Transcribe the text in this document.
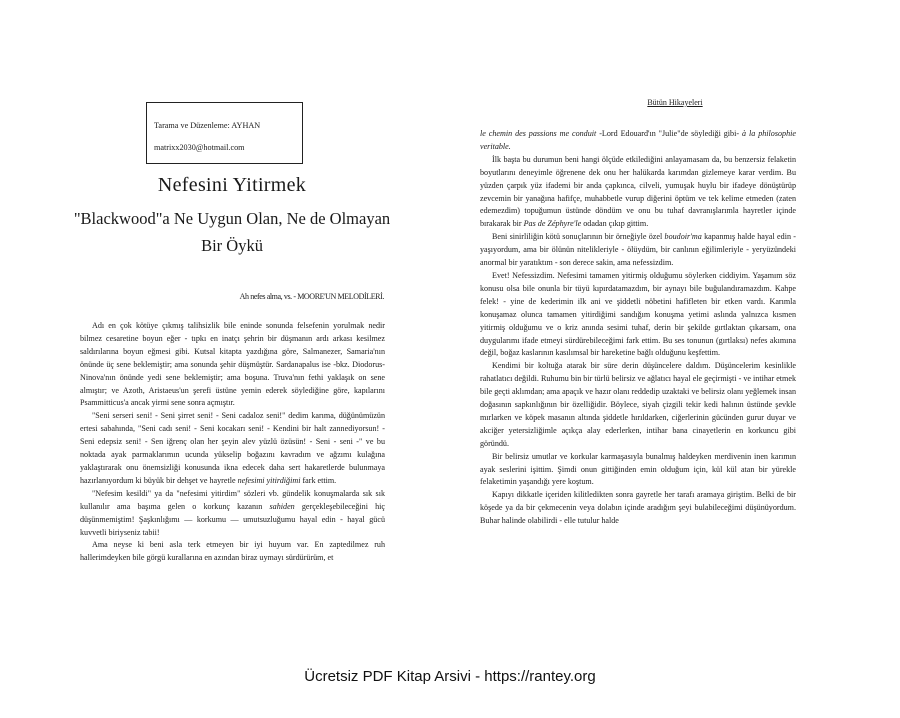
Tarama ve Düzenleme: AYHAN
matrixx2030@hotmail.com
Nefesini Yitirmek
"Blackwood"a Ne Uygun Olan, Ne de Olmayan Bir Öykü
Ah nefes alma, vs. - MOORE'UN MELODİLERİ.

Adı en çok kötüye çıkmış talihsizlik bile eninde sonunda felsefenin yorulmak nedir bilmez cesaretine boyun eğer - tıpkı en inatçı şehrin bir düşmanın ardı arkası kesilmez saldırılarına boyun eğmesi gibi. Kutsal kitapta yazdığına göre, Salmanezer, Samaria'nın önünde üç sene beklemiştir; ama sonunda şehir düşmüştür. Sardanapalus ise -bkz. Diodorus- Ninova'nın önünde yedi sene beklemiştir; ama boşuna. Truva'nın fethi yaklaşık on sene almıştır; ve Azoth, Aristaeus'un şerefi üstüne yemin ederek söylediğine göre, kapılarını Psammitticus'a ancak yirmi sene sonra açmıştır.

"Seni serseri seni! - Seni şirret seni! - Seni cadaloz seni!" dedim karıma, düğünümüzün ertesi sabahında, "Seni cadı seni! - Seni kocakarı seni! - Kendini bir halt zannediyorsun! - Seni edepsiz seni! - Sen iğrenç olan her şeyin alev yüzlü özüsün! - Seni - seni -" ve bu noktada ayak parmaklarımın ucunda yükselip boğazını kavradım ve ağzımı kulağına yaklaştırarak onu önemsizliği konusunda ikna edecek daha sert hakaretlerde bulunmaya hazırlanıyordum ki büyük bir dehşet ve hayretle nefesimi yitirdiğimi fark ettim.

"Nefesim kesildi" ya da "nefesimi yitirdim" sözleri vb. gündelik konuşmalarda sık sık kullanılır ama başıma gelen o korkunç kazanın sahiden gerçekleşebileceğini hiç düşünmemiştim! Şaşkınlığımı — korkumu — umutsuzluğumu hayal edin - hayal gücü kuvvetli biriyseniz tabii!

Ama neyse ki beni asla terk etmeyen bir iyi huyum var. En zaptedilmez ruh hallerimdeyken bile görgü kurallarına en azından biraz uymayı sürdürürüm, et

Bütün Hikayeleri

le chemin des passions me conduit -Lord Edouard'ın "Julie"de söylediği gibi- à la philosophie veritable.

İlk başta bu durumun beni hangi ölçüde etkilediğini anlayamasam da, bu benzersiz felaketin boyutlarını deneyimle öğrenene dek onu her halükarda karımdan gizlemeye karar verdim. Bu yüzden çarpık yüz ifademi bir anda çapkınca, cilveli, yumuşak huylu bir ifadeye dönüştürüp zevcemin bir yanağına hafifçe, muhabbetle vurup diğerini öptüm ve tek kelime etmeden (zaten edemezdim) topuğumun üstünde döndüm ve onu bu tuhaf davranışlarımla hayretler içinde bırakarak bir Pas de Zéphyre'le odadan çıkıp gittim.

Beni sinirliliğin kötü sonuçlarının bir örneğiyle özel boudoir'ma kapanmış halde hayal edin - yaşıyordum, ama bir ölünün nitelikleriyle - ölüydüm, bir canlının eğilimleriyle - yeryüzündeki anormal bir yaratıktım - son derece sakin, ama nefessizdim.

Evet! Nefessizdim. Nefesimi tamamen yitirmiş olduğumu söylerken ciddiyim. Yaşamım söz konusu olsa bile onunla bir tüyü kıpırdatamazdım, bir aynayı bile buğulandıramazdım. Kahpe felek! - yine de kederimin ilk ani ve şiddetli nöbetini hafifleten bir etken vardı. Karımla konuşamaz olunca tamamen yitirdiğimi sandığım konuşma yetimi aslında yalnızca kısmen yitirmiş olduğumu ve o kriz anında sesimi tuhaf, derin bir şekilde gırtlaktan çıkarsam, ona duygularımı ifade etmeyi sürdürebileceğimi fark ettim. Bu ses tonunun (gırtlaksı) nefes akımına değil, boğaz kaslarının kasılımsal bir hareketine bağlı olduğunu keşfettim.

Kendimi bir koltuğa atarak bir süre derin düşüncelere daldım. Düşüncelerim kesinlikle rahatlatıcı değildi. Ruhumu bin bir türlü belirsiz ve ağlatıcı hayal ele geçirmişti - ve intihar etmek bile geçti aklımdan; ama apaçık ve hazır olanı reddedip uzaktaki ve belirsiz olanı yeğlemek insan doğasının sapkınlığının bir özelliğidir. Böylece, siyah çizgili tekir kedi halının üstünde şevkle mırlarken ve köpek masanın altında şiddetle hırıldarken, ciğerlerinin gücünden gurur duyar ve akciğer yetersizliğimle açıkça alay ederlerken, intihar bana cinayetlerin en korkuncu gibi göründü.

Bir belirsiz umutlar ve korkular karmaşasıyla bunalmış haldeyken merdivenin inen karımın ayak seslerini işittim. Şimdi onun gittiğinden emin olduğum için, kül kül atan bir yürekle felaketimin yaşandığı yere koştum.

Kapıyı dikkatle içeriden kilitledikten sonra gayretle her tarafı aramaya giriştim. Belki de bir köşede ya da bir çekmecenin veya dolabın içinde aradığım şeyi bulabileceğimi düşünüyordum. Buhar halinde olabilirdi - elle tutulur halde

Ücretsiz PDF Kitap Arsivi - https://rantey.org
